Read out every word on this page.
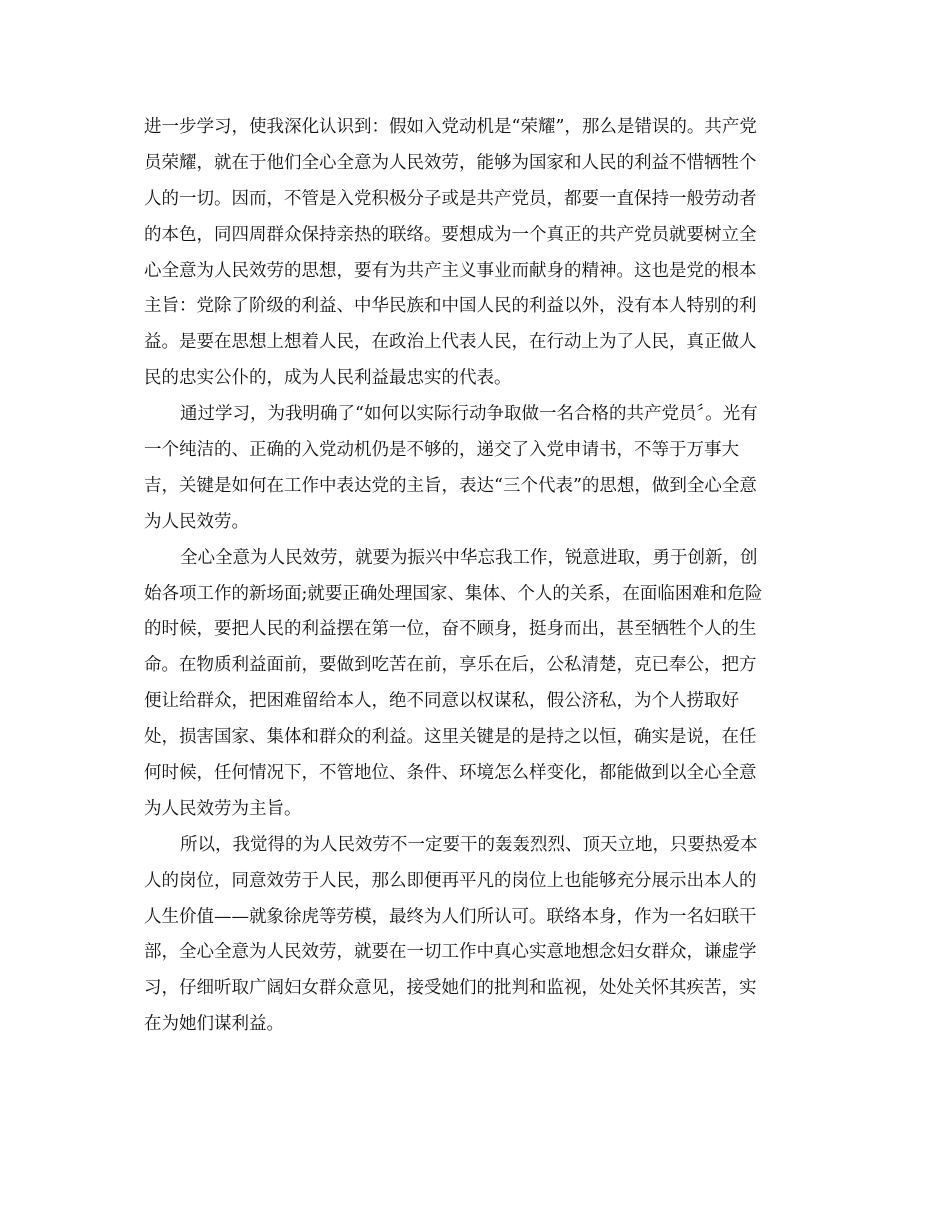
进一步学习，使我深化认识到：假如入党动机是“荣耀”，那么是错误的。共产党
员荣耀，就在于他们全心全意为人民效劳，能够为国家和人民的利益不惜牺牲个
人的一切。因而，不管是入党积极分子或是共产党员，都要一直保持一般劳动者
的本色，同四周群众保持亲热的联络。要想成为一个真正的共产党员就要树立全
心全意为人民效劳的思想，要有为共产主义事业而献身的精神。这也是党的根本
主旨：党除了阶级的利益、中华民族和中国人民的利益以外，没有本人特别的利
益。是要在思想上想着人民，在政治上代表人民，在行动上为了人民，真正做人
民的忠实公仆的，成为人民利益最忠实的代表。
通过学习，为我明确了“如何以实际行动争取做一名合格的共产党员〞。光有
一个纯洁的、正确的入党动机仍是不够的，递交了入党申请书，不等于万事大
吉，关键是如何在工作中表达党的主旨，表达“三个代表”的思想，做到全心全意
为人民效劳。
全心全意为人民效劳，就要为振兴中华忘我工作，锐意进取，勇于创新，创
始各项工作的新场面;就要正确处理国家、集体、个人的关系，在面临困难和危险
的时候，要把人民的利益摆在第一位，奋不顾身，挺身而出，甚至牺牲个人的生
命。在物质利益面前，要做到吃苦在前，享乐在后，公私清楚，克已奉公，把方
便让给群众，把困难留给本人，绝不同意以权谋私，假公济私，为个人捞取好
处，损害国家、集体和群众的利益。这里关键是的是持之以恒，确实是说，在任
何时候，任何情况下，不管地位、条件、环境怎么样变化，都能做到以全心全意
为人民效劳为主旨。
所以，我觉得的为人民效劳不一定要干的轰轰烈烈、顶天立地，只要热爱本
人的岗位，同意效劳于人民，那么即便再平凡的岗位上也能够充分展示出本人的
人生价值——就象徐虎等劳模，最终为人们所认可。联络本身，作为一名妇联干
部，全心全意为人民效劳，就要在一切工作中真心实意地想念妇女群众，谦虚学
习，仔细听取广阔妇女群众意见，接受她们的批判和监视，处处关怀其疾苦，实
在为她们谋利益。
